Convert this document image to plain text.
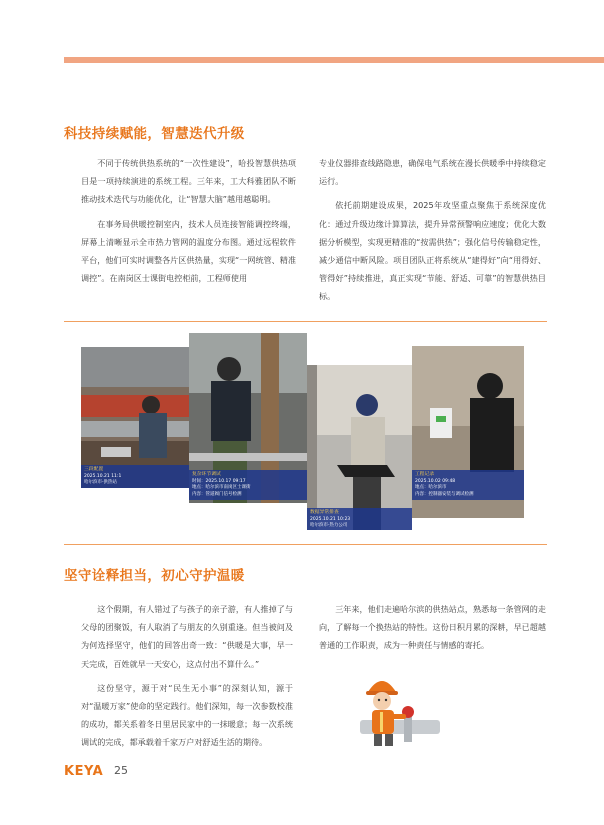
科技持续赋能，智慧迭代升级

不同于传统供热系统的“一次性建设”，哈投智慧供热项目是一项持续演进的系统工程。三年来，工大科雅团队不断推动技术迭代与功能优化，让“智慧大脑”越用越聪明。

在事务局供暖控制室内，技术人员连接智能调控终端，屏幕上清晰显示全市热力管网的温度分布图。通过远程软件平台，他们可实时调整各片区供热量，实现“一网统管、精准调控”。在南岗区士课街电控柜前，工程师使用

专业仪器排查线路隐患，确保电气系统在漫长供暖季中持续稳定运行。

依托前期建设成果，2025年攻坚重点聚焦于系统深度优化：通过升级边缘计算算法，提升异常预警响应速度；优化大数据分析模型，实现更精准的“按需供热”；强化信号传输稳定性，减少通信中断风险。项目团队正将系统从“建得好”向“用得好、管得好”持续推进，真正实现“节能、舒适、可靠”的智慧供热目标。

三段配置
2025.10.21 11:1
哈尔滨市·供热站
复杂环节调试
时间：2025.10.17 09:17
地点：哈尔滨市南岗区士课街
内容：管道阀门信号检测
数据异常排查
2025.10.21 10:23
哈尔滨市·热力公司
工程记录
2025.10.02 09:48
地点：哈尔滨市
内容：控制器安装与调试检测
坚守诠释担当，初心守护温暖

这个假期，有人错过了与孩子的亲子游，有人推掉了与父母的团聚饭，有人取消了与朋友的久别重逢。但当被问及为何选择坚守，他们的回答出奇一致：“供暖是大事，早一天完成，百姓就早一天安心，这点付出不算什么。”

这份坚守，源于对“民生无小事”的深刻认知，源于对“温暖万家”使命的坚定践行。他们深知，每一次参数校准的成功，都关系着冬日里居民家中的一抹暖意；每一次系统调试的完成，都承载着千家万户对舒适生活的期待。

三年来，他们走遍哈尔滨的供热站点，熟悉每一条管网的走向，了解每一个换热站的特性。这份日积月累的深耕，早已超越普通的工作职责，成为一种责任与情感的寄托。

KEYA 25
